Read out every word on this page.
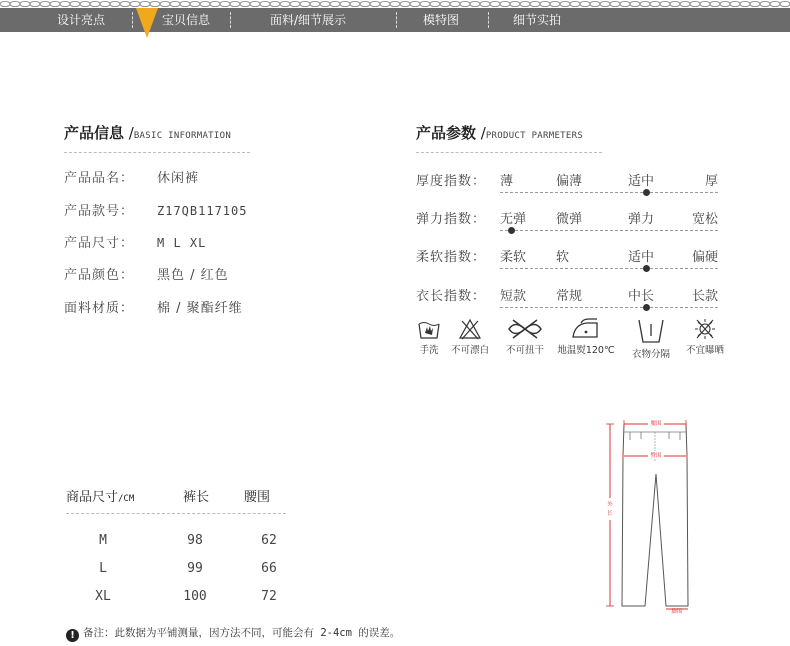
设计亮点	宝贝信息	面料/细节展示	模特图	细节实拍
产品信息 /BASIC INFORMATION
产品品名： 休闲裤
产品款号： Z17QB117105
产品尺寸： M L XL
产品颜色： 黑色 / 红色
面料材质： 棉 / 聚酯纤维
产品参数 /PRODUCT PARMETERS
厚度指数： 薄	偏薄	适中	厚
弹力指数： 无弹 微弹	弹力	宽松
柔软指数： 柔软 软	适中	偏硬
衣长指数： 短款 常规	中长	长款
手洗	不可漂白	不可扭干	地温熨120℃	衣物分隔	不宜曝晒
商品尺寸/CM	裤长	腰围
M	98	62
L	99	66
XL	100	72
腰围
臀围
外长
脚围
! 备注：此数据为平铺测量，因方法不同，可能会有 2-4cm 的误差。
